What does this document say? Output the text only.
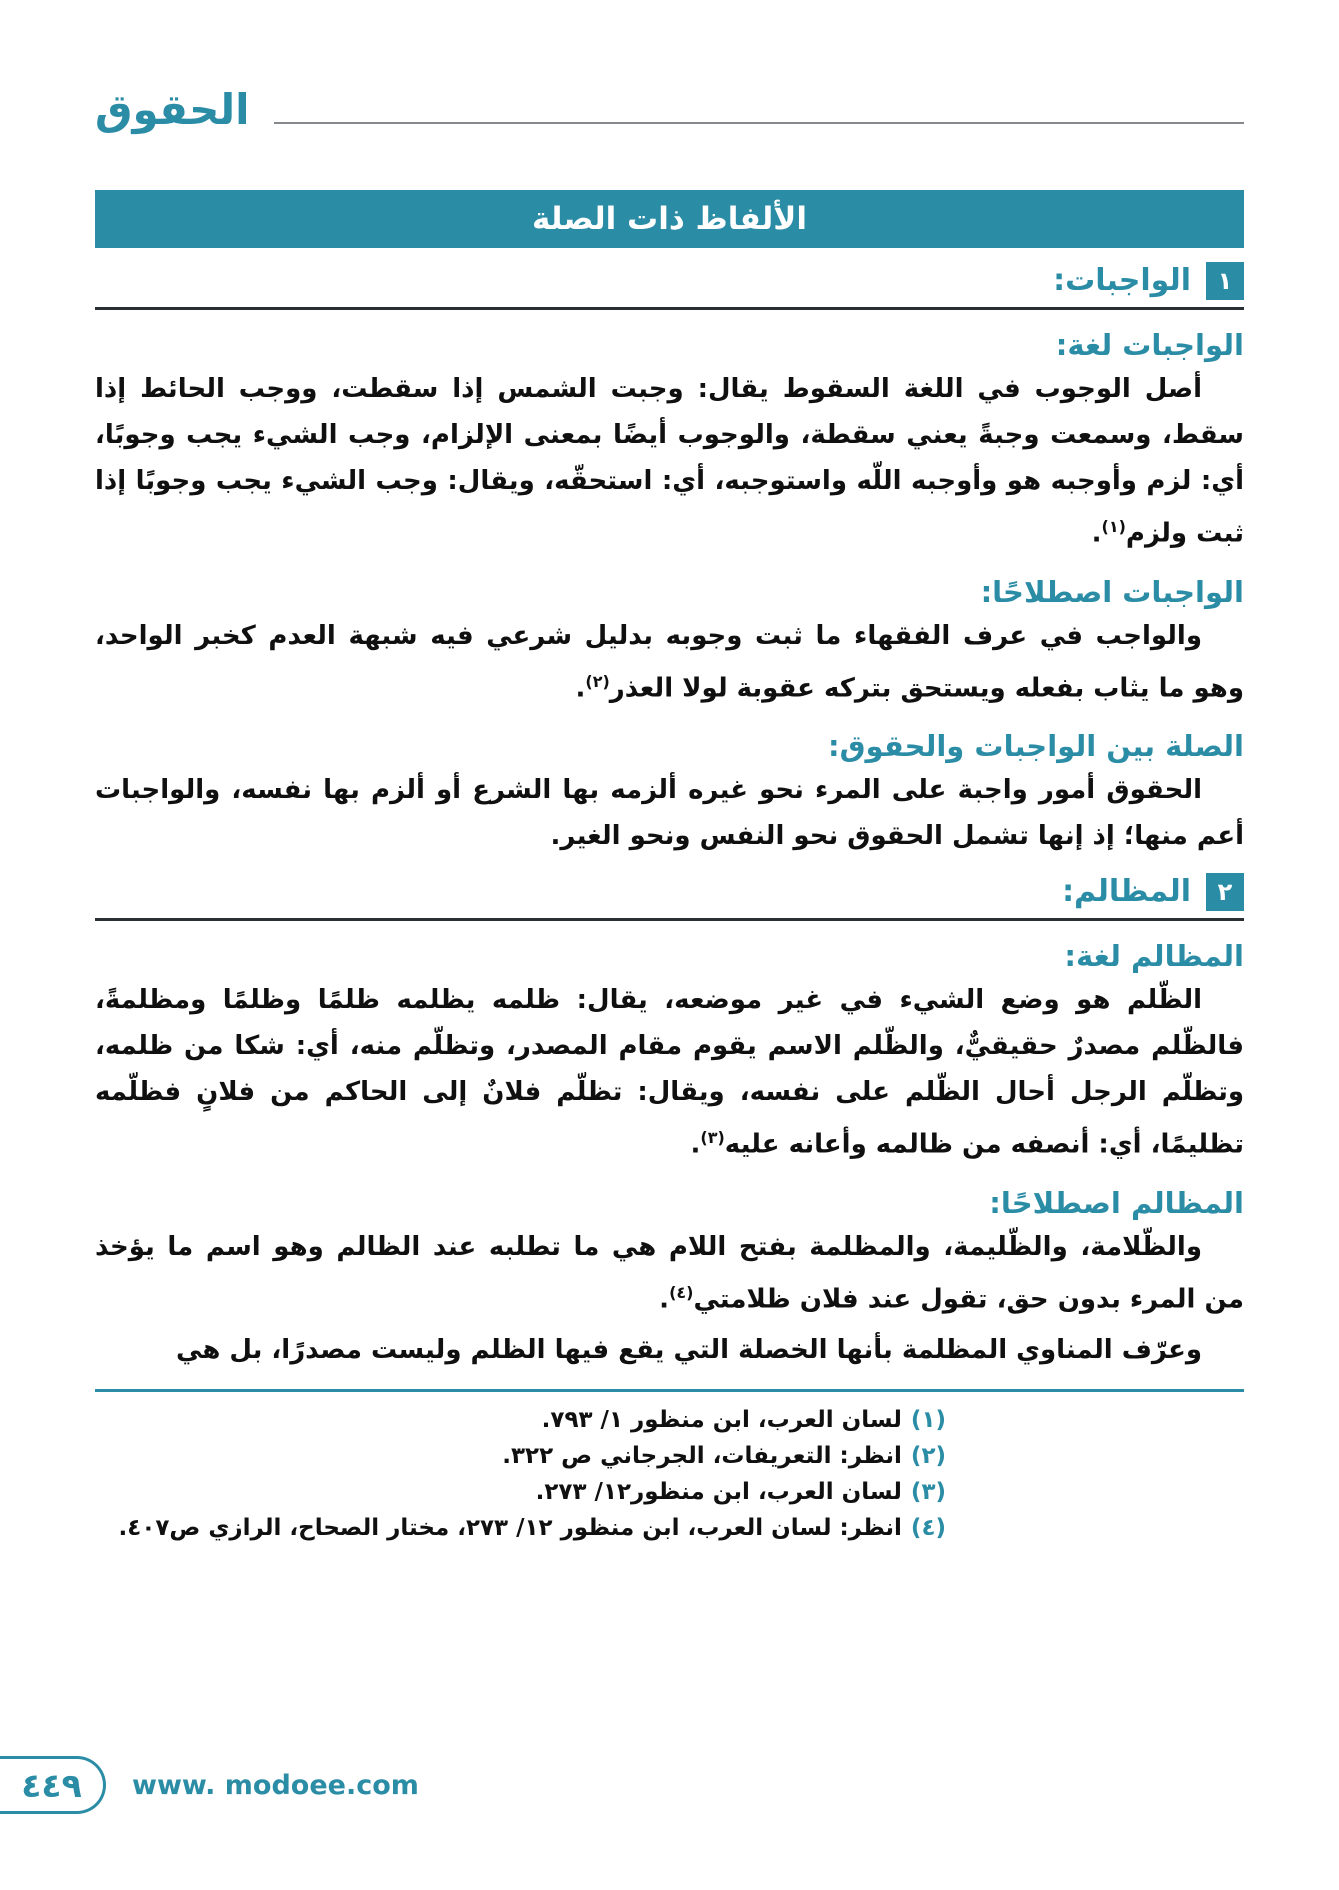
الحقوق
الألفاظ ذات الصلة
١
الواجبات:
الواجبات لغة:

أصل الوجوب في اللغة السقوط يقال: وجبت الشمس إذا سقطت، ووجب الحائط إذا سقط، وسمعت وجبةً يعني سقطة، والوجوب أيضًا بمعنى الإلزام، وجب الشيء يجب وجوبًا، أي: لزم وأوجبه هو وأوجبه اللّه واستوجبه، أي: استحقّه، ويقال: وجب الشيء يجب وجوبًا إذا ثبت ولزم$^{(١)}$.

الواجبات اصطلاحًا:

والواجب في عرف الفقهاء ما ثبت وجوبه بدليل شرعي فيه شبهة العدم كخبر الواحد، وهو ما يثاب بفعله ويستحق بتركه عقوبة لولا العذر$^{(٢)}$.

الصلة بين الواجبات والحقوق:

الحقوق أمور واجبة على المرء نحو غيره ألزمه بها الشرع أو ألزم بها نفسه، والواجبات أعم منها؛ إذ إنها تشمل الحقوق نحو النفس ونحو الغير.

٢
المظالم:
المظالم لغة:

الظّلم هو وضع الشيء في غير موضعه، يقال: ظلمه يظلمه ظلمًا وظلمًا ومظلمةً، فالظّلم مصدرٌ حقيقيٌّ، والظّلم الاسم يقوم مقام المصدر، وتظلّم منه، أي: شكا من ظلمه، وتظلّم الرجل أحال الظّلم على نفسه، ويقال: تظلّم فلانٌ إلى الحاكم من فلانٍ فظلّمه تظليمًا، أي: أنصفه من ظالمه وأعانه عليه$^{(٣)}$.

المظالم اصطلاحًا:

والظّلامة، والظّليمة، والمظلمة بفتح اللام هي ما تطلبه عند الظالم وهو اسم ما يؤخذ من المرء بدون حق، تقول عند فلان ظلامتي$^{(٤)}$.

وعرّف المناوي المظلمة بأنها الخصلة التي يقع فيها الظلم وليست مصدرًا، بل هي

(١)لسان العرب، ابن منظور ١/ ٧٩٣.

(٢)انظر: التعريفات، الجرجاني ص ٣٢٢.

(٣)لسان العرب، ابن منظور١٢/ ٢٧٣.

(٤)انظر: لسان العرب، ابن منظور ١٢/ ٢٧٣، مختار الصحاح، الرازي ص٤٠٧.

٤٤٩ www. modoee.com
